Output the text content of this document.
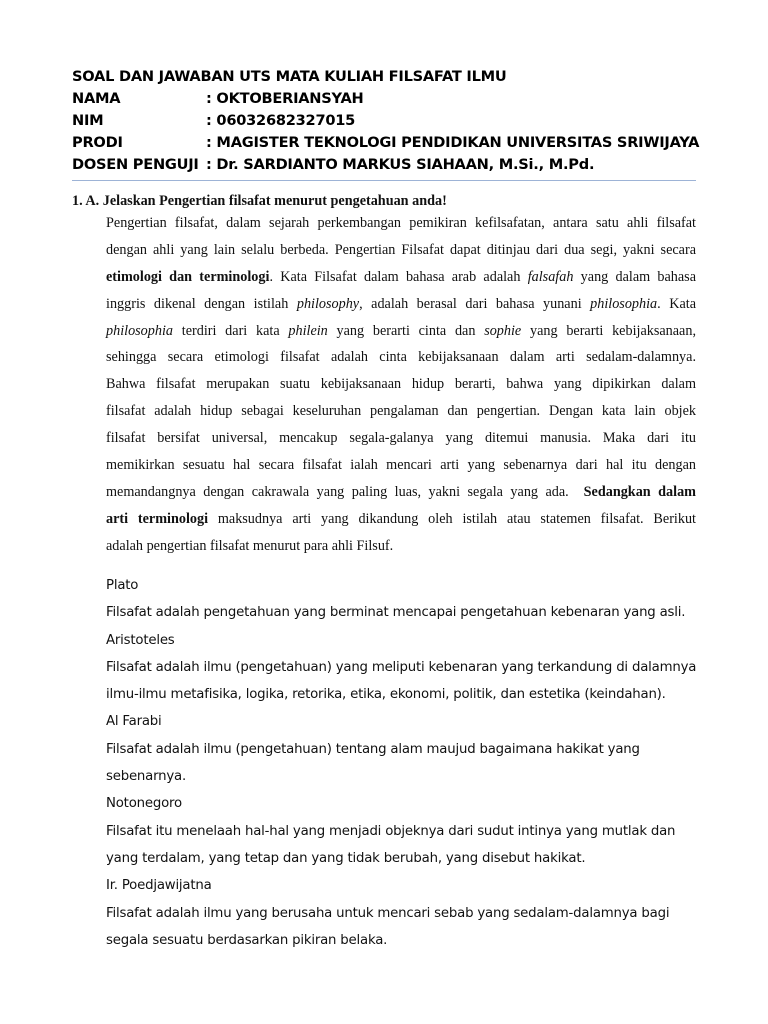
SOAL DAN JAWABAN UTS MATA KULIAH FILSAFAT ILMU
NAMA	: OKTOBERIANSYAH
NIM	: 06032682327015
PRODI	: MAGISTER TEKNOLOGI PENDIDIKAN UNIVERSITAS SRIWIJAYA
DOSEN PENGUJI : Dr. SARDIANTO MARKUS SIAHAAN, M.Si., M.Pd.
1. A. Jelaskan Pengertian filsafat menurut pengetahuan anda!
Pengertian filsafat, dalam sejarah perkembangan pemikiran kefilsafatan, antara satu ahli filsafat
dengan ahli yang lain selalu berbeda. Pengertian Filsafat dapat ditinjau dari dua segi, yakni secara
etimologi dan terminologi. Kata Filsafat dalam bahasa arab adalah falsafah yang dalam bahasa
inggris dikenal dengan istilah philosophy, adalah berasal dari bahasa yunani philosophia. Kata
philosophia terdiri dari kata philein yang berarti cinta dan sophie yang berarti kebijaksanaan,
sehingga secara etimologi filsafat adalah cinta kebijaksanaan dalam arti sedalam-dalamnya.
Bahwa filsafat merupakan suatu kebijaksanaan hidup berarti, bahwa yang dipikirkan dalam
filsafat adalah hidup sebagai keseluruhan pengalaman dan pengertian. Dengan kata lain objek
filsafat bersifat universal, mencakup segala-galanya yang ditemui manusia. Maka dari itu
memikirkan sesuatu hal secara filsafat ialah mencari arti yang sebenarnya dari hal itu dengan
memandangnya dengan cakrawala yang paling luas, yakni segala yang ada.  Sedangkan dalam
arti terminologi maksudnya arti yang dikandung oleh istilah atau statemen filsafat. Berikut
adalah pengertian filsafat menurut para ahli Filsuf.
Plato
Filsafat adalah pengetahuan yang berminat mencapai pengetahuan kebenaran yang asli.
Aristoteles
Filsafat adalah ilmu (pengetahuan) yang meliputi kebenaran yang terkandung di dalamnya
ilmu-ilmu metafisika, logika, retorika, etika, ekonomi, politik, dan estetika (keindahan).
Al Farabi
Filsafat adalah ilmu (pengetahuan) tentang alam maujud bagaimana hakikat yang
sebenarnya.
Notonegoro
Filsafat itu menelaah hal-hal yang menjadi objeknya dari sudut intinya yang mutlak dan
yang terdalam, yang tetap dan yang tidak berubah, yang disebut hakikat.
Ir. Poedjawijatna
Filsafat adalah ilmu yang berusaha untuk mencari sebab yang sedalam-dalamnya bagi
segala sesuatu berdasarkan pikiran belaka.
